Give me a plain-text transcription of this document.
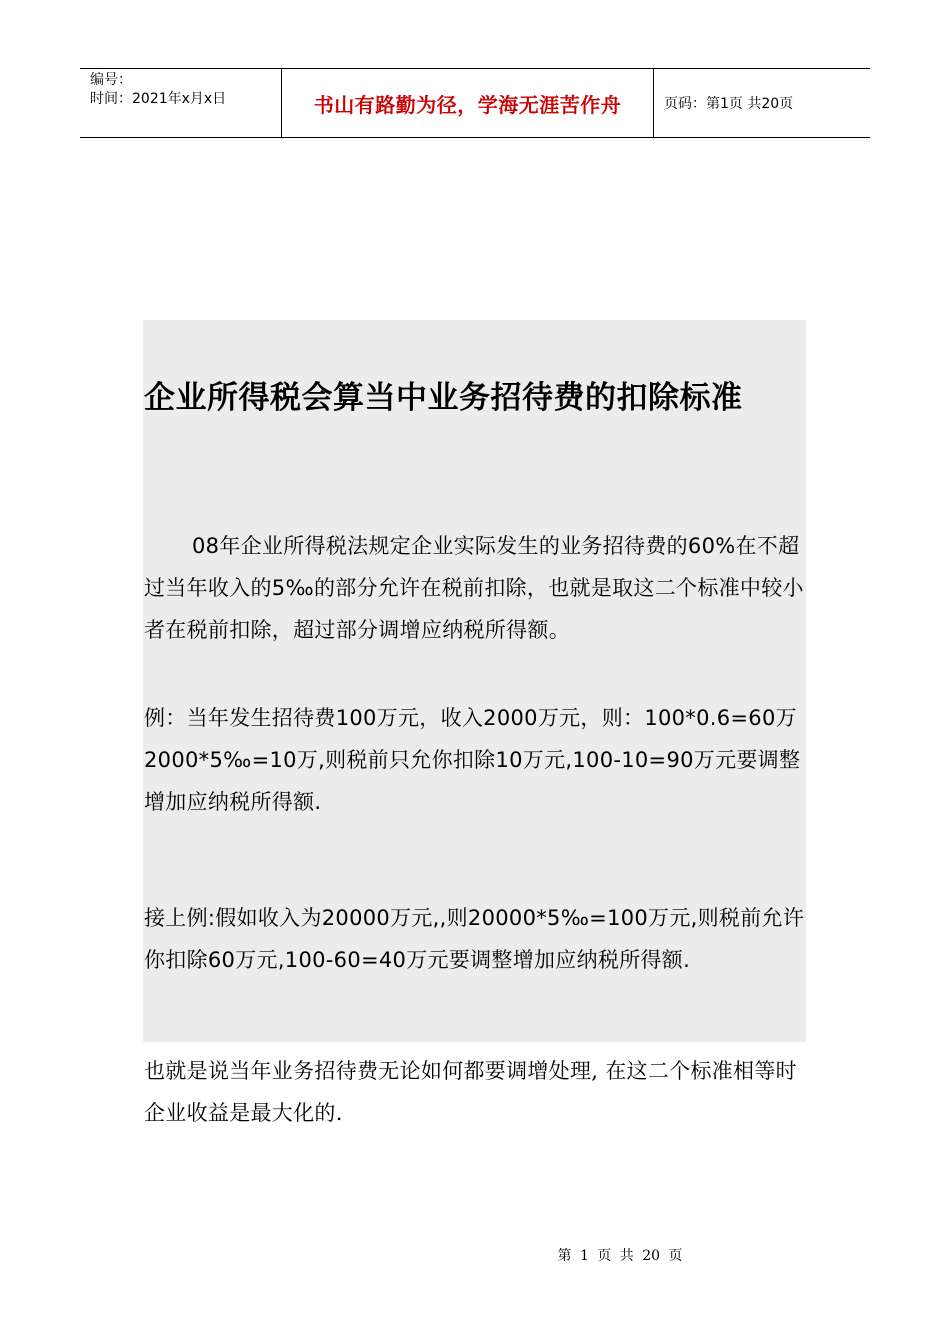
编号：
时间：2021年x月x日	书山有路勤为径，学海无涯苦作舟	页码：第1页 共20页
企业所得税会算当中业务招待费的扣除标准
08年企业所得税法规定企业实际发生的业务招待费的60%在不超过当年收入的5‰的部分允许在税前扣除，也就是取这二个标准中较小者在税前扣除，超过部分调增应纳税所得额。
例：当年发生招待费100万元，收入2000万元，则：100*0.6=60万 2000*5‰=10万,则税前只允你扣除10万元,100-10=90万元要调整增加应纳税所得额.
接上例:假如收入为20000万元,,则20000*5‰=100万元,则税前允许你扣除60万元,100-60=40万元要调整增加应纳税所得额.
也就是说当年业务招待费无论如何都要调增处理, 在这二个标准相等时企业收益是最大化的.
第 1 页 共 20 页
